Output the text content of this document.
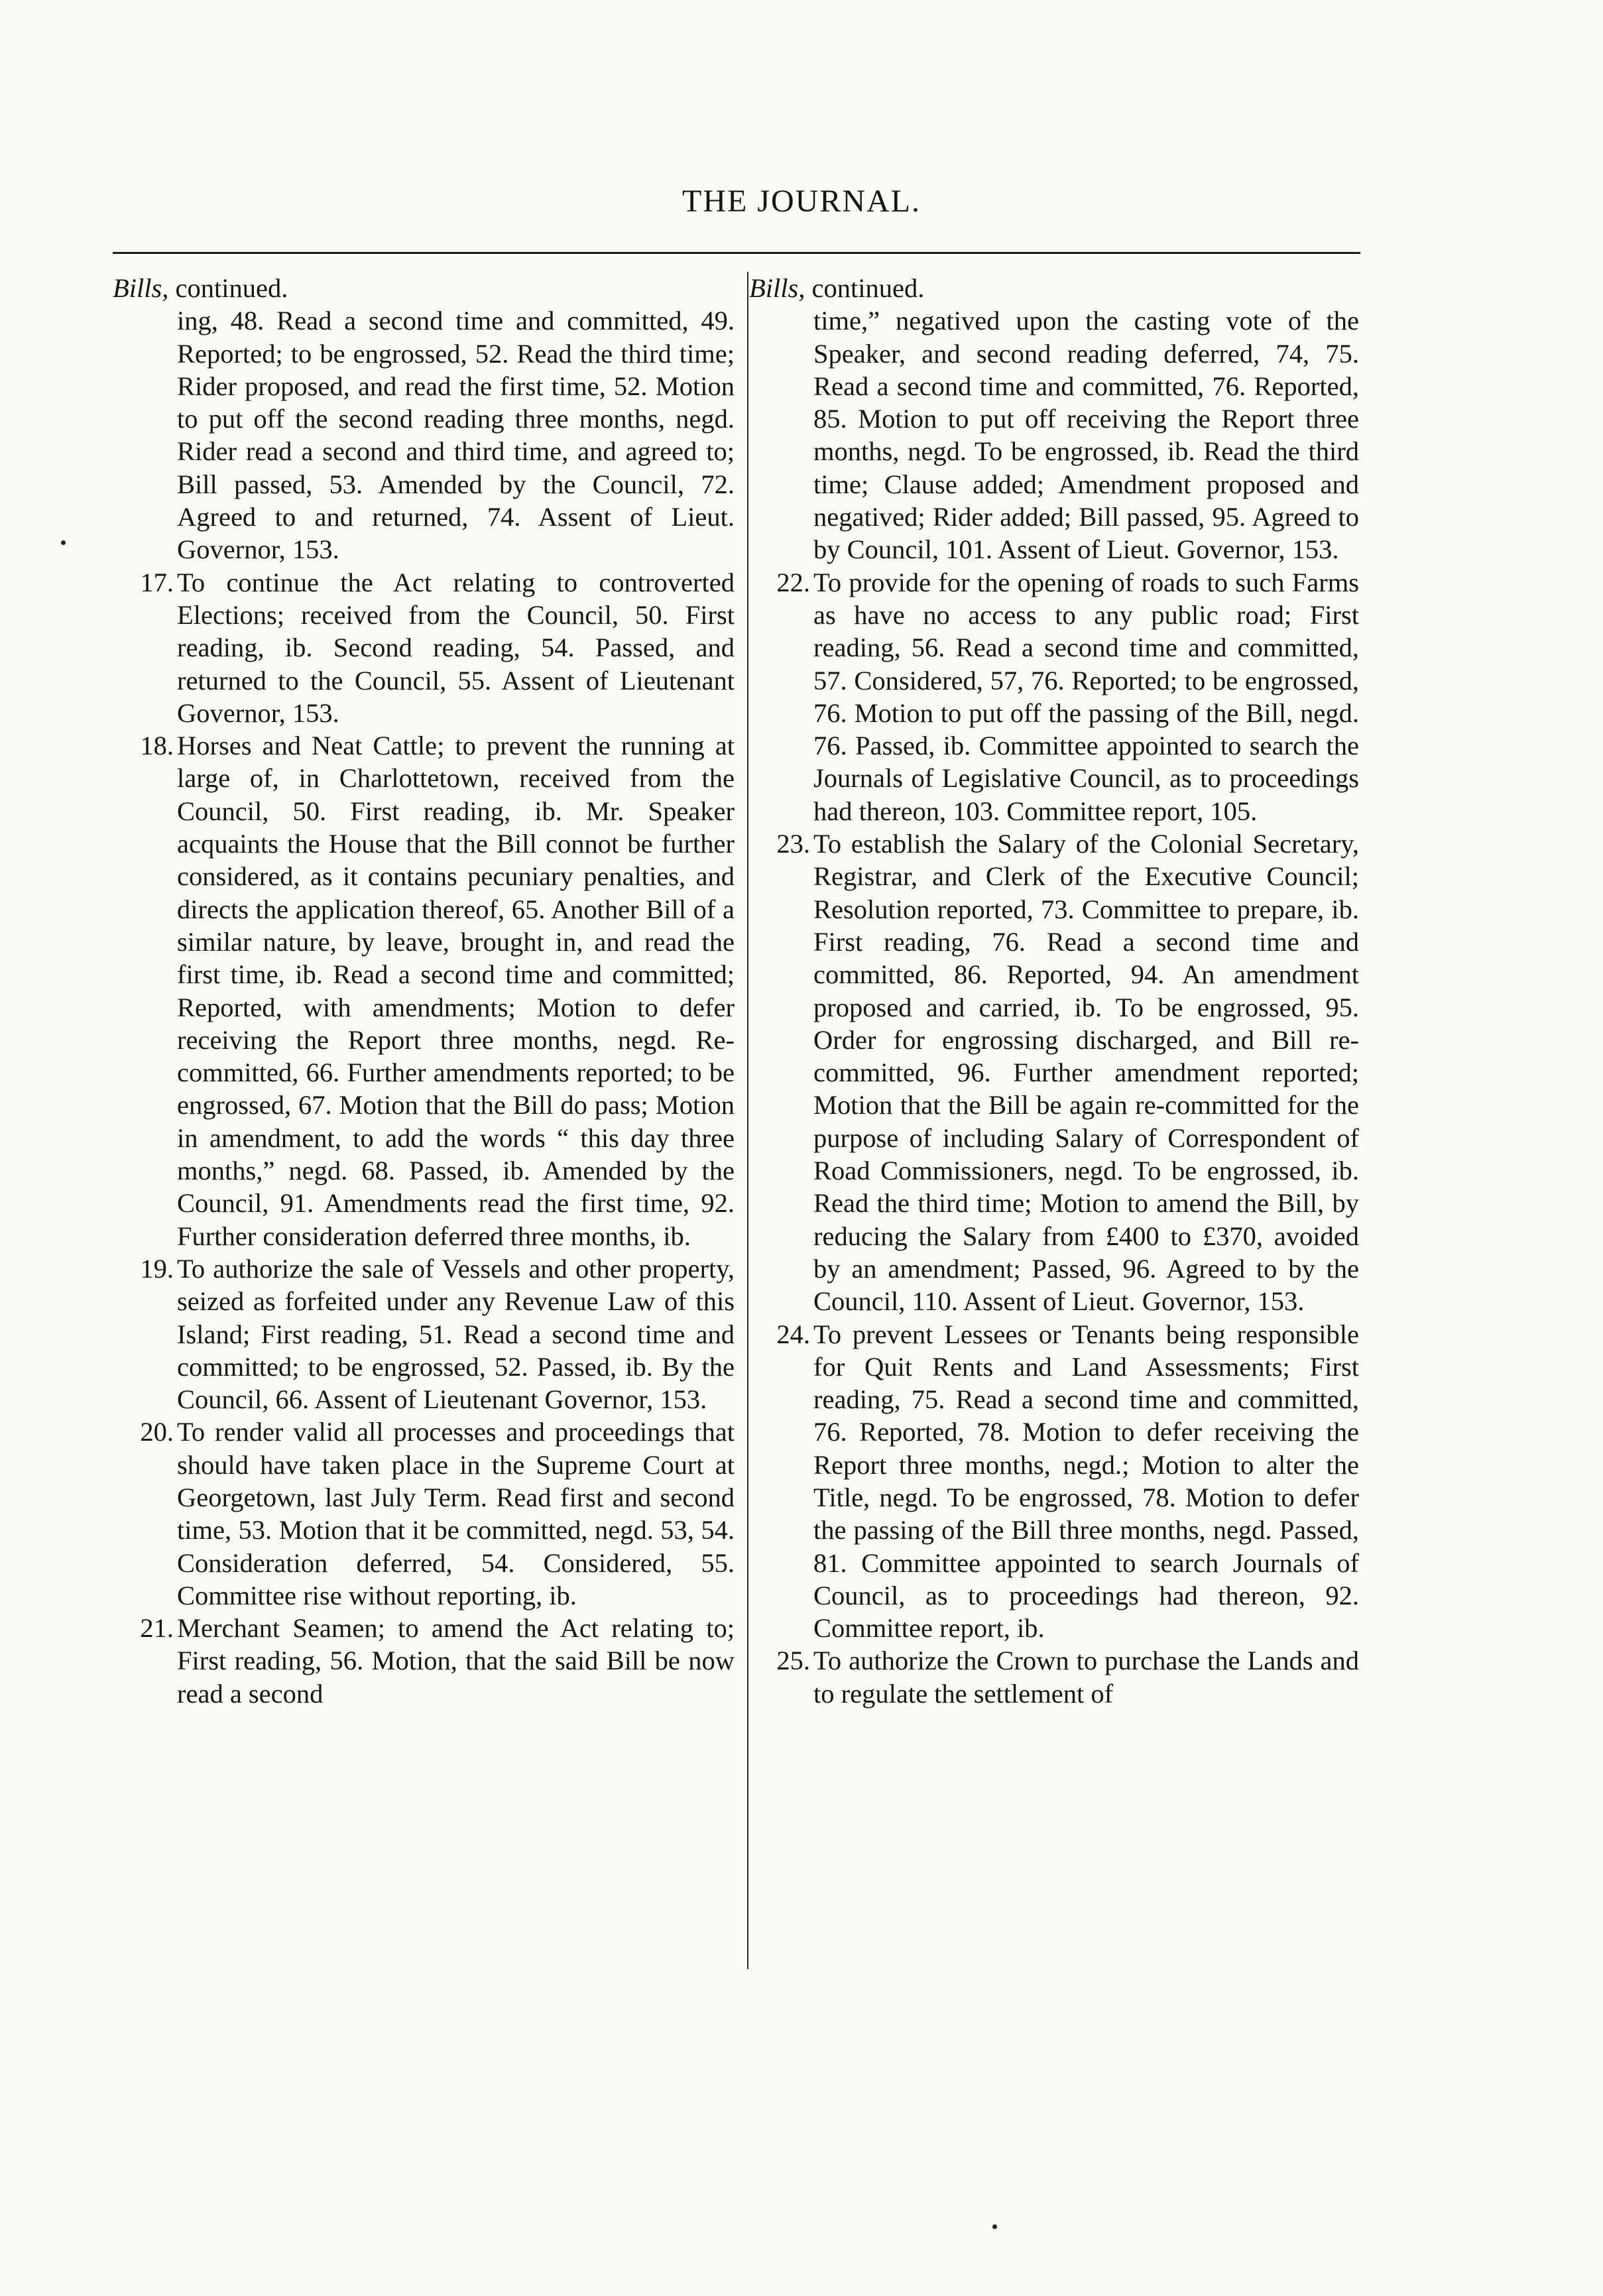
THE JOURNAL.
Bills, continued.

ing, 48. Read a second time and committed, 49. Reported; to be engrossed, 52. Read the third time; Rider proposed, and read the first time, 52. Motion to put off the second reading three months, negd. Rider read a second and third time, and agreed to; Bill passed, 53. Amended by the Council, 72. Agreed to and returned, 74. Assent of Lieut. Governor, 153.

17. To continue the Act relating to controverted Elections; received from the Council, 50. First reading, ib. Second reading, 54. Passed, and returned to the Council, 55. Assent of Lieutenant Governor, 153.

18. Horses and Neat Cattle; to prevent the running at large of, in Charlottetown, received from the Council, 50. First reading, ib. Mr. Speaker acquaints the House that the Bill connot be further considered, as it contains pecuniary penalties, and directs the application thereof, 65. Another Bill of a similar nature, by leave, brought in, and read the first time, ib. Read a second time and committed; Reported, with amendments; Motion to defer receiving the Report three months, negd. Re-committed, 66. Further amendments reported; to be engrossed, 67. Motion that the Bill do pass; Motion in amendment, to add the words “ this day three months,” negd. 68. Passed, ib. Amended by the Council, 91. Amendments read the first time, 92. Further consideration deferred three months, ib.

19. To authorize the sale of Vessels and other property, seized as forfeited under any Revenue Law of this Island; First reading, 51. Read a second time and committed; to be engrossed, 52. Passed, ib. By the Council, 66. Assent of Lieutenant Governor, 153.

20. To render valid all processes and proceedings that should have taken place in the Supreme Court at Georgetown, last July Term. Read first and second time, 53. Motion that it be committed, negd. 53, 54. Consideration deferred, 54. Considered, 55. Committee rise without reporting, ib.

21. Merchant Seamen; to amend the Act relating to; First reading, 56. Motion, that the said Bill be now read a second

Bills, continued.

time,” negatived upon the casting vote of the Speaker, and second reading deferred, 74, 75. Read a second time and committed, 76. Reported, 85. Motion to put off receiving the Report three months, negd. To be engrossed, ib. Read the third time; Clause added; Amendment proposed and negatived; Rider added; Bill passed, 95. Agreed to by Council, 101. Assent of Lieut. Governor, 153.

22. To provide for the opening of roads to such Farms as have no access to any public road; First reading, 56. Read a second time and committed, 57. Considered, 57, 76. Reported; to be engrossed, 76. Motion to put off the passing of the Bill, negd. 76. Passed, ib. Committee appointed to search the Journals of Legislative Council, as to proceedings had thereon, 103. Committee report, 105.

23. To establish the Salary of the Colonial Secretary, Registrar, and Clerk of the Executive Council; Resolution reported, 73. Committee to prepare, ib. First reading, 76. Read a second time and committed, 86. Reported, 94. An amendment proposed and carried, ib. To be engrossed, 95. Order for engrossing discharged, and Bill re-committed, 96. Further amendment reported; Motion that the Bill be again re-committed for the purpose of including Salary of Correspondent of Road Commissioners, negd. To be engrossed, ib. Read the third time; Motion to amend the Bill, by reducing the Salary from £400 to £370, avoided by an amendment; Passed, 96. Agreed to by the Council, 110. Assent of Lieut. Governor, 153.

24. To prevent Lessees or Tenants being responsible for Quit Rents and Land Assessments; First reading, 75. Read a second time and committed, 76. Reported, 78. Motion to defer receiving the Report three months, negd.; Motion to alter the Title, negd. To be engrossed, 78. Motion to defer the passing of the Bill three months, negd. Passed, 81. Committee appointed to search Journals of Council, as to proceedings had thereon, 92. Committee report, ib.

25. To authorize the Crown to purchase the Lands and to regulate the settlement of
